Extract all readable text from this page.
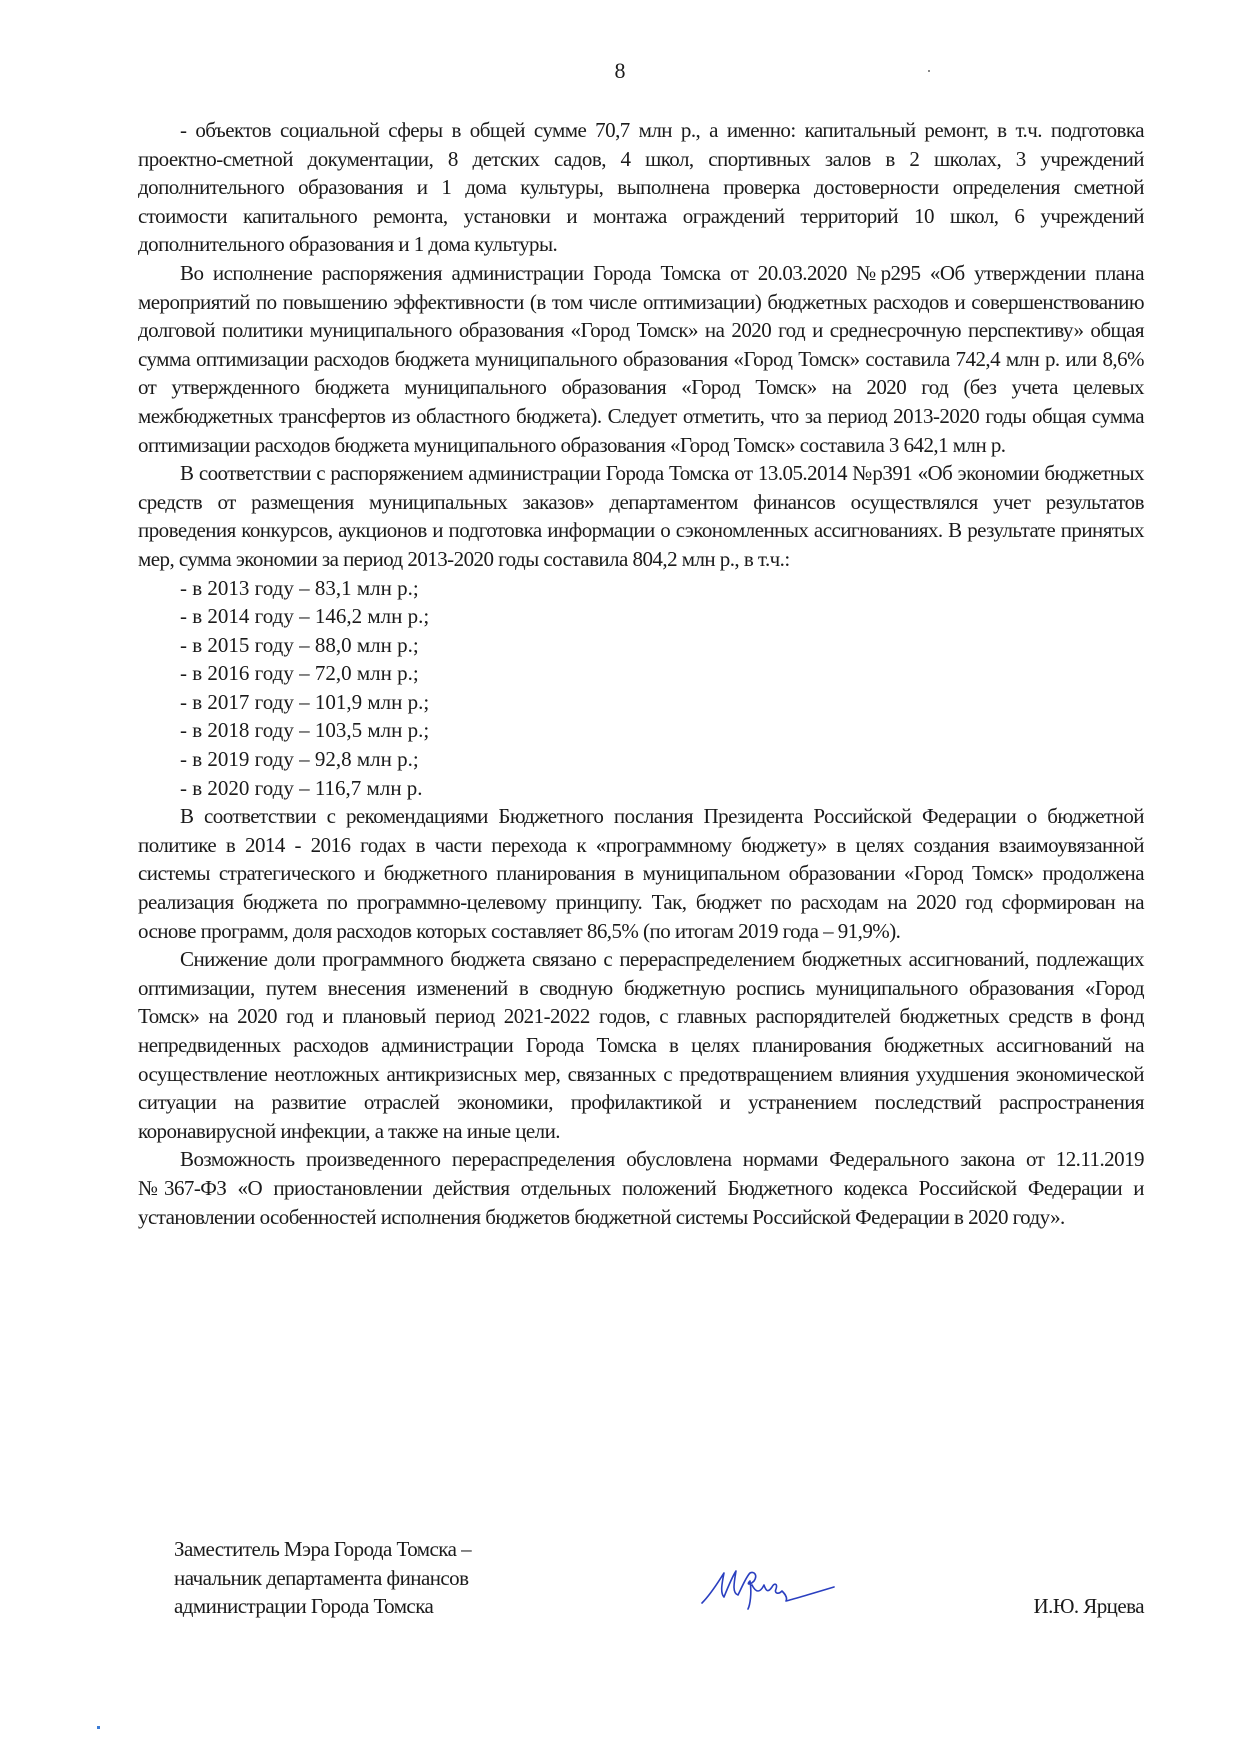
8

- объектов социальной сферы в общей сумме 70,7 млн р., а именно: капитальный ремонт, в т.ч. подготовка проектно-сметной документации, 8 детских садов, 4 школ, спортивных залов в 2 школах, 3 учреждений дополнительного образования и 1 дома культуры, выполнена проверка достоверности определения сметной стоимости капитального ремонта, установки и монтажа ограждений территорий 10 школ, 6 учреждений дополнительного образования и 1 дома культуры.

Во исполнение распоряжения администрации Города Томска от 20.03.2020 №р295 «Об утверждении плана мероприятий по повышению эффективности (в том числе оптимизации) бюджетных расходов и совершенствованию долговой политики муниципального образования «Город Томск» на 2020 год и среднесрочную перспективу» общая сумма оптимизации расходов бюджета муниципального образования «Город Томск» составила 742,4 млн р. или 8,6% от утвержденного бюджета муниципального образования «Город Томск» на 2020 год (без учета целевых межбюджетных трансфертов из областного бюджета). Следует отметить, что за период 2013-2020 годы общая сумма оптимизации расходов бюджета муниципального образования «Город Томск» составила 3 642,1 млн р.

В соответствии с распоряжением администрации Города Томска от 13.05.2014 №р391 «Об экономии бюджетных средств от размещения муниципальных заказов» департаментом финансов осуществлялся учет результатов проведения конкурсов, аукционов и подготовка информации о сэкономленных ассигнованиях. В результате принятых мер, сумма экономии за период 2013-2020 годы составила 804,2 млн р., в т.ч.:

- в 2013 году – 83,1 млн р.;
- в 2014 году – 146,2 млн р.;
- в 2015 году – 88,0 млн р.;
- в 2016 году – 72,0 млн р.;
- в 2017 году – 101,9 млн р.;
- в 2018 году – 103,5 млн р.;
- в 2019 году – 92,8 млн р.;
- в 2020 году – 116,7 млн р.

В соответствии с рекомендациями Бюджетного послания Президента Российской Федерации о бюджетной политике в 2014 - 2016 годах в части перехода к «программному бюджету» в целях создания взаимоувязанной системы стратегического и бюджетного планирования в муниципальном образовании «Город Томск» продолжена реализация бюджета по программно-целевому принципу. Так, бюджет по расходам на 2020 год сформирован на основе программ, доля расходов которых составляет 86,5% (по итогам 2019 года – 91,9%).

Снижение доли программного бюджета связано с перераспределением бюджетных ассигнований, подлежащих оптимизации, путем внесения изменений в сводную бюджетную роспись муниципального образования «Город Томск» на 2020 год и плановый период 2021-2022 годов, с главных распорядителей бюджетных средств в фонд непредвиденных расходов администрации Города Томска в целях планирования бюджетных ассигнований на осуществление неотложных антикризисных мер, связанных с предотвращением влияния ухудшения экономической ситуации на развитие отраслей экономики, профилактикой и устранением последствий распространения коронавирусной инфекции, а также на иные цели.

Возможность произведенного перераспределения обусловлена нормами Федерального закона от 12.11.2019 №367-ФЗ «О приостановлении действия отдельных положений Бюджетного кодекса Российской Федерации и установлении особенностей исполнения бюджетов бюджетной системы Российской Федерации в 2020 году».

Заместитель Мэра Города Томска –
начальник департамента финансов
администрации Города Томска	И.Ю. Ярцева
